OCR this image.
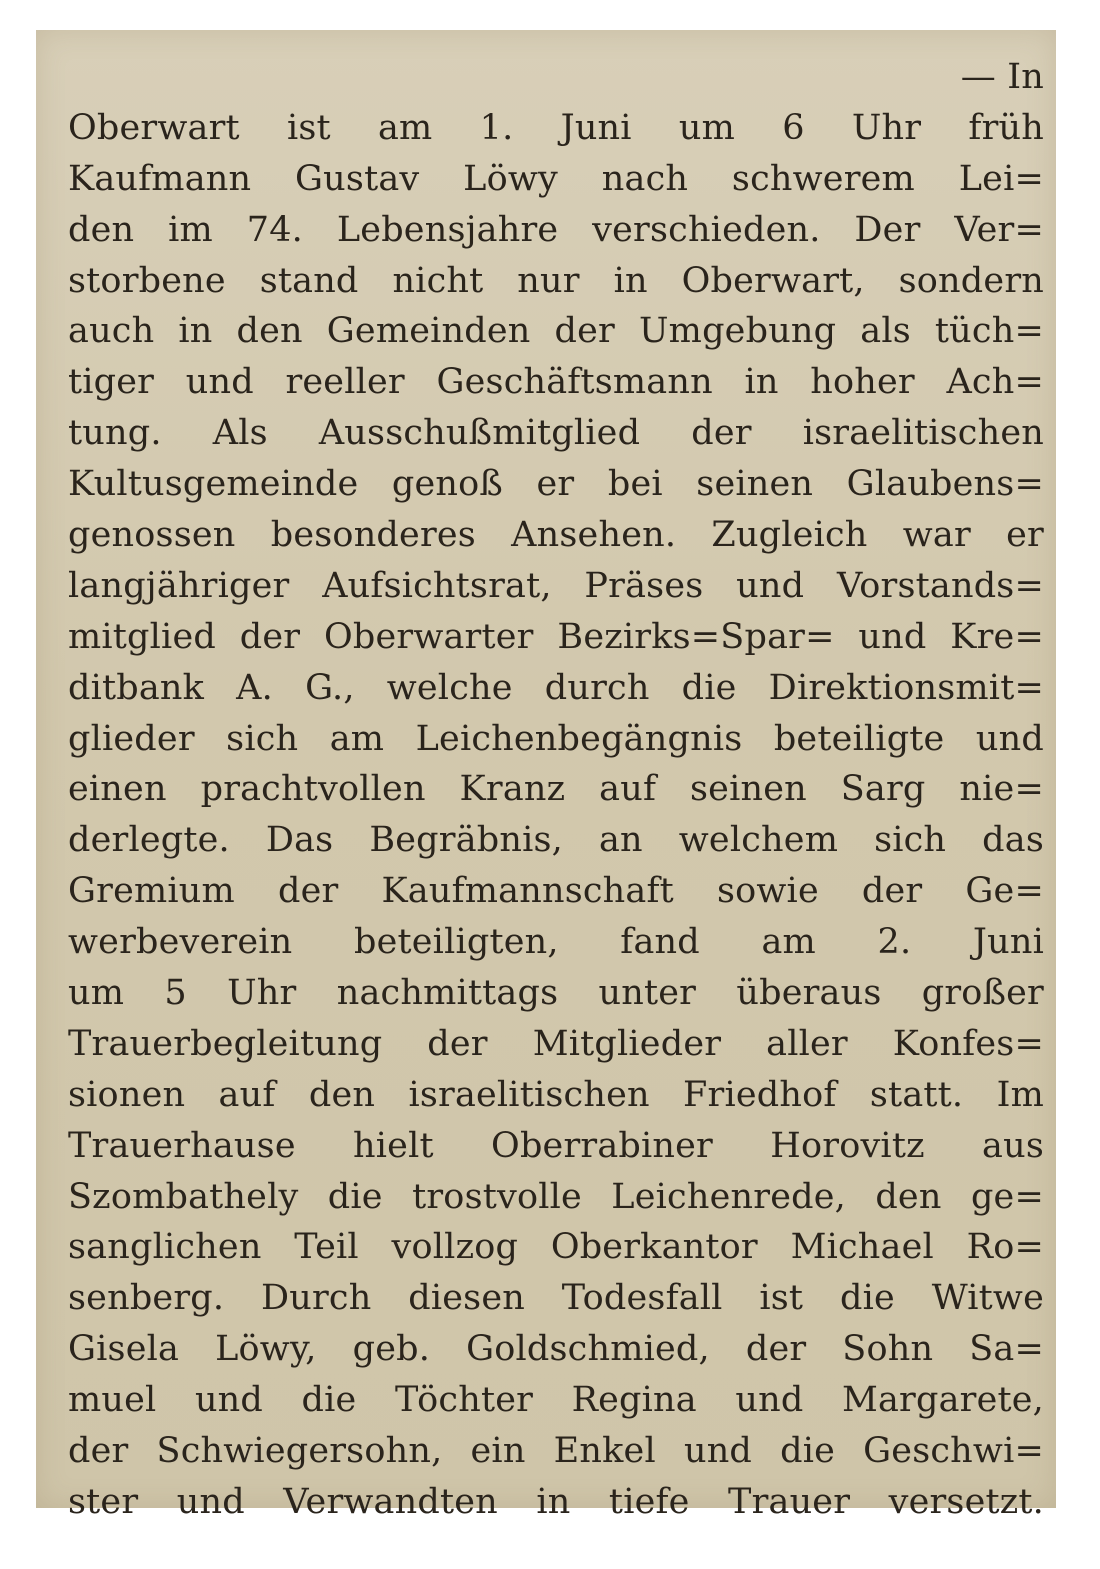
— In
Oberwart ist am 1. Juni um 6 Uhr früh
Kaufmann Gustav Löwy nach schwerem Lei=
den im 74. Lebensjahre verschieden. Der Ver=
storbene stand nicht nur in Oberwart, sondern
auch in den Gemeinden der Umgebung als tüch=
tiger und reeller Geschäftsmann in hoher Ach=
tung. Als Ausschußmitglied der israelitischen
Kultusgemeinde genoß er bei seinen Glaubens=
genossen besonderes Ansehen. Zugleich war er
langjähriger Aufsichtsrat, Präses und Vorstands=
mitglied der Oberwarter Bezirks=Spar= und Kre=
ditbank A. G., welche durch die Direktionsmit=
glieder sich am Leichenbegängnis beteiligte und
einen prachtvollen Kranz auf seinen Sarg nie=
derlegte. Das Begräbnis, an welchem sich das
Gremium der Kaufmannschaft sowie der Ge=
werbeverein beteiligten, fand am 2. Juni
um 5 Uhr nachmittags unter überaus großer
Trauerbegleitung der Mitglieder aller Konfes=
sionen auf den israelitischen Friedhof statt. Im
Trauerhause hielt Oberrabiner Horovitz aus
Szombathely die trostvolle Leichenrede, den ge=
sanglichen Teil vollzog Oberkantor Michael Ro=
senberg. Durch diesen Todesfall ist die Witwe
Gisela Löwy, geb. Goldschmied, der Sohn Sa=
muel und die Töchter Regina und Margarete,
der Schwiegersohn, ein Enkel und die Geschwi=
ster und Verwandten in tiefe Trauer versetzt.
